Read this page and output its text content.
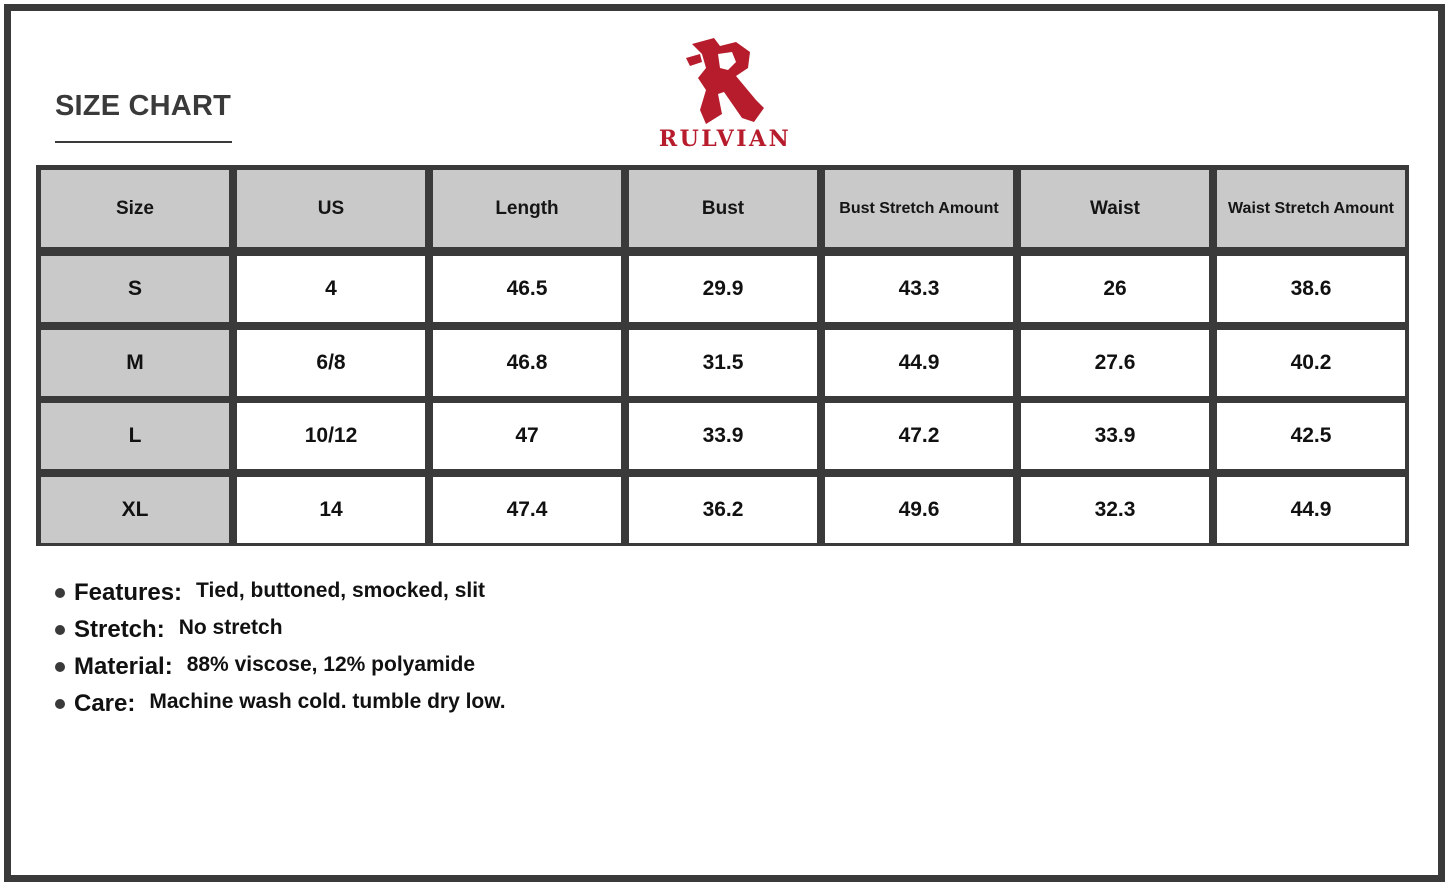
SIZE CHART
RULVIAN
Size	US	Length	Bust	Bust Stretch Amount	Waist	Waist Stretch Amount
S	4	46.5	29.9	43.3	26	38.6
M	6/8	46.8	31.5	44.9	27.6	40.2
L	10/12	47	33.9	47.2	33.9	42.5
XL	14	47.4	36.2	49.6	32.3	44.9
Features: Tied, buttoned, smocked, slit
Stretch: No stretch
Material: 88% viscose, 12% polyamide
Care: Machine wash cold. tumble dry low.
